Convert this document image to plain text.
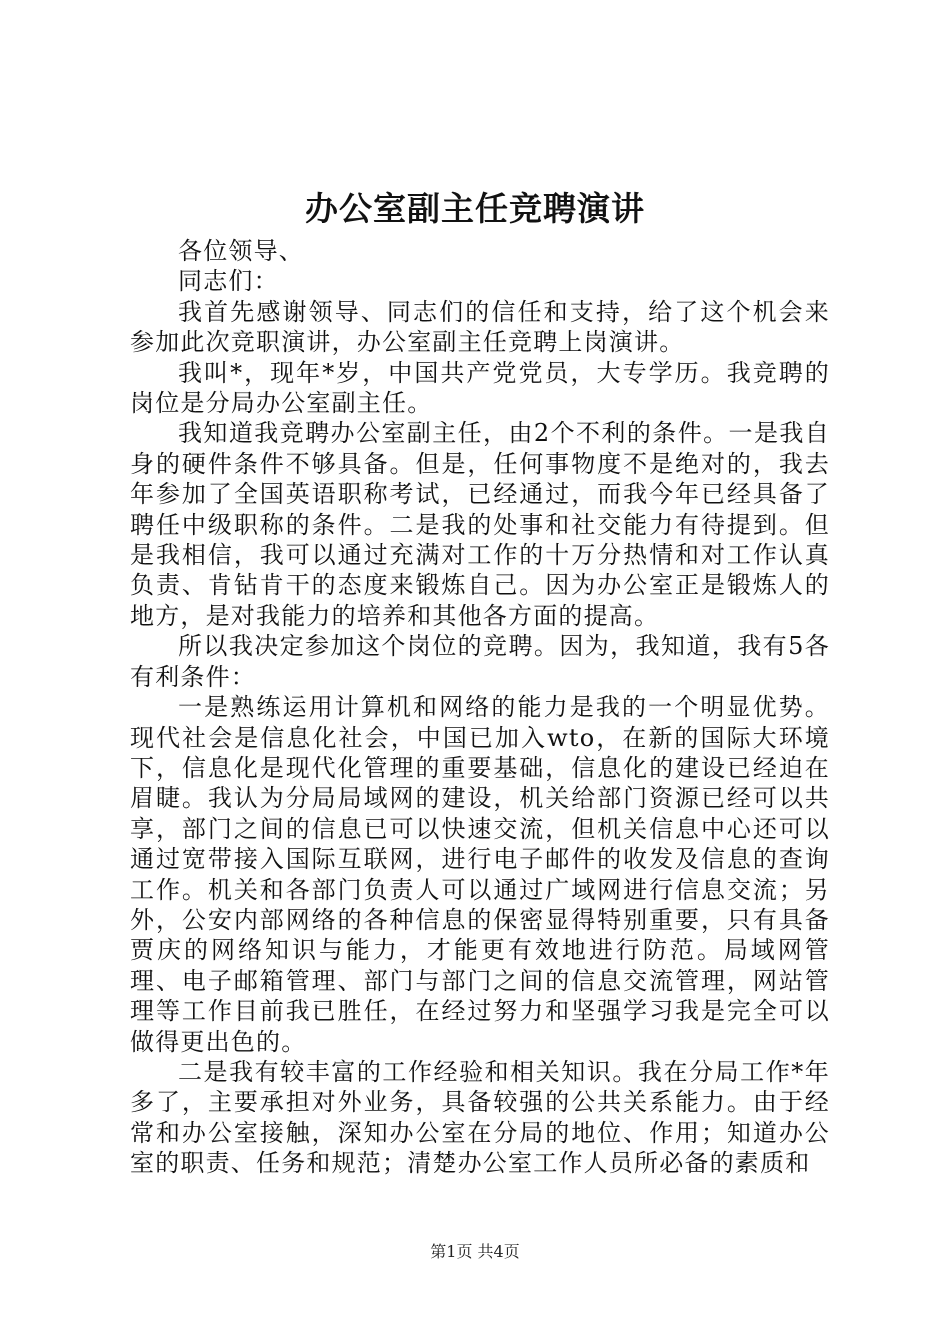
办公室副主任竞聘演讲

各位领导、

同志们：

我首先感谢领导、同志们的信任和支持，给了这个机会来参加此次竞职演讲，办公室副主任竞聘上岗演讲。

我叫*，现年*岁，中国共产党党员，大专学历。我竞聘的岗位是分局办公室副主任。

我知道我竞聘办公室副主任，由2个不利的条件。一是我自身的硬件条件不够具备。但是，任何事物度不是绝对的，我去年参加了全国英语职称考试，已经通过，而我今年已经具备了聘任中级职称的条件。二是我的处事和社交能力有待提到。但是我相信，我可以通过充满对工作的十万分热情和对工作认真负责、肯钻肯干的态度来锻炼自己。因为办公室正是锻炼人的地方，是对我能力的培养和其他各方面的提高。

所以我决定参加这个岗位的竞聘。因为，我知道，我有5各有利条件：

一是熟练运用计算机和网络的能力是我的一个明显优势。现代社会是信息化社会，中国已加入wto，在新的国际大环境下，信息化是现代化管理的重要基础，信息化的建设已经迫在眉睫。我认为分局局域网的建设，机关给部门资源已经可以共享，部门之间的信息已可以快速交流，但机关信息中心还可以通过宽带接入国际互联网，进行电子邮件的收发及信息的查询工作。机关和各部门负责人可以通过广域网进行信息交流；另外，公安内部网络的各种信息的保密显得特别重要，只有具备贾庆的网络知识与能力，才能更有效地进行防范。局域网管理、电子邮箱管理、部门与部门之间的信息交流管理，网站管理等工作目前我已胜任，在经过努力和坚强学习我是完全可以做得更出色的。

二是我有较丰富的工作经验和相关知识。我在分局工作*年多了，主要承担对外业务，具备较强的公共关系能力。由于经常和办公室接触，深知办公室在分局的地位、作用；知道办公室的职责、任务和规范；清楚办公室工作人员所必备的素质和

第1页 共4页
